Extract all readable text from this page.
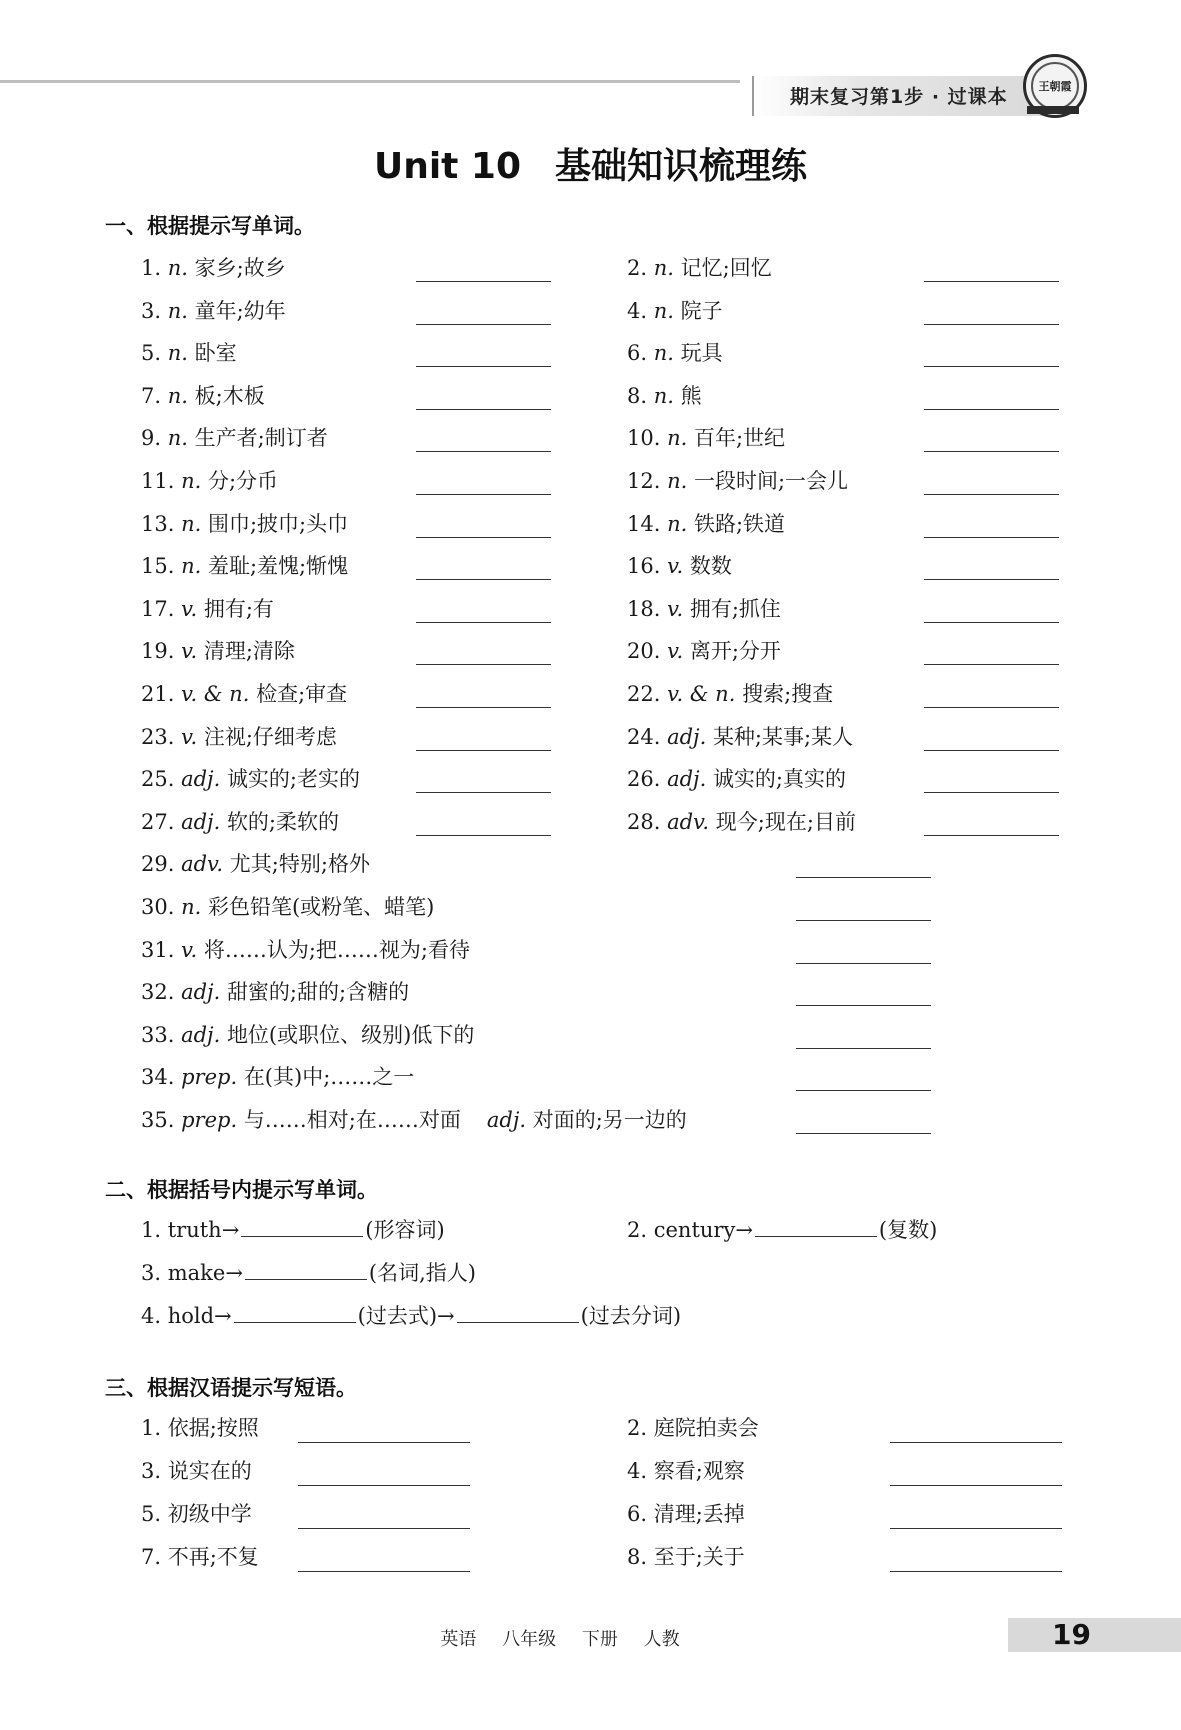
期末复习第1步 · 过课本	王朝霞
Unit 10 基础知识梳理练
一、根据提示写单词。
1. n. 家乡;故乡	2. n. 记忆;回忆
3. n. 童年;幼年	4. n. 院子
5. n. 卧室	6. n. 玩具
7. n. 板;木板	8. n. 熊
9. n. 生产者;制订者	10. n. 百年;世纪
11. n. 分;分币	12. n. 一段时间;一会儿
13. n. 围巾;披巾;头巾	14. n. 铁路;铁道
15. n. 羞耻;羞愧;惭愧	16. v. 数数
17. v. 拥有;有	18. v. 拥有;抓住
19. v. 清理;清除	20. v. 离开;分开
21. v. & n. 检查;审查	22. v. & n. 搜索;搜查
23. v. 注视;仔细考虑	24. adj. 某种;某事;某人
25. adj. 诚实的;老实的	26. adj. 诚实的;真实的
27. adj. 软的;柔软的	28. adv. 现今;现在;目前
29. adv. 尤其;特别;格外
30. n. 彩色铅笔(或粉笔、蜡笔)
31. v. 将……认为;把……视为;看待
32. adj. 甜蜜的;甜的;含糖的
33. adj. 地位(或职位、级别)低下的
34. prep. 在(其)中;……之一
35. prep. 与……相对;在……对面 adj. 对面的;另一边的
二、根据括号内提示写单词。
1. truth→	(形容词)	2. century→	(复数)
3. make→	(名词,指人)
4. hold→	(过去式)→	(过去分词)
三、根据汉语提示写短语。
1. 依据;按照	2. 庭院拍卖会
3. 说实在的	4. 察看;观察
5. 初级中学	6. 清理;丢掉
7. 不再;不复	8. 至于;关于
英语 八年级 下册 人教	19
